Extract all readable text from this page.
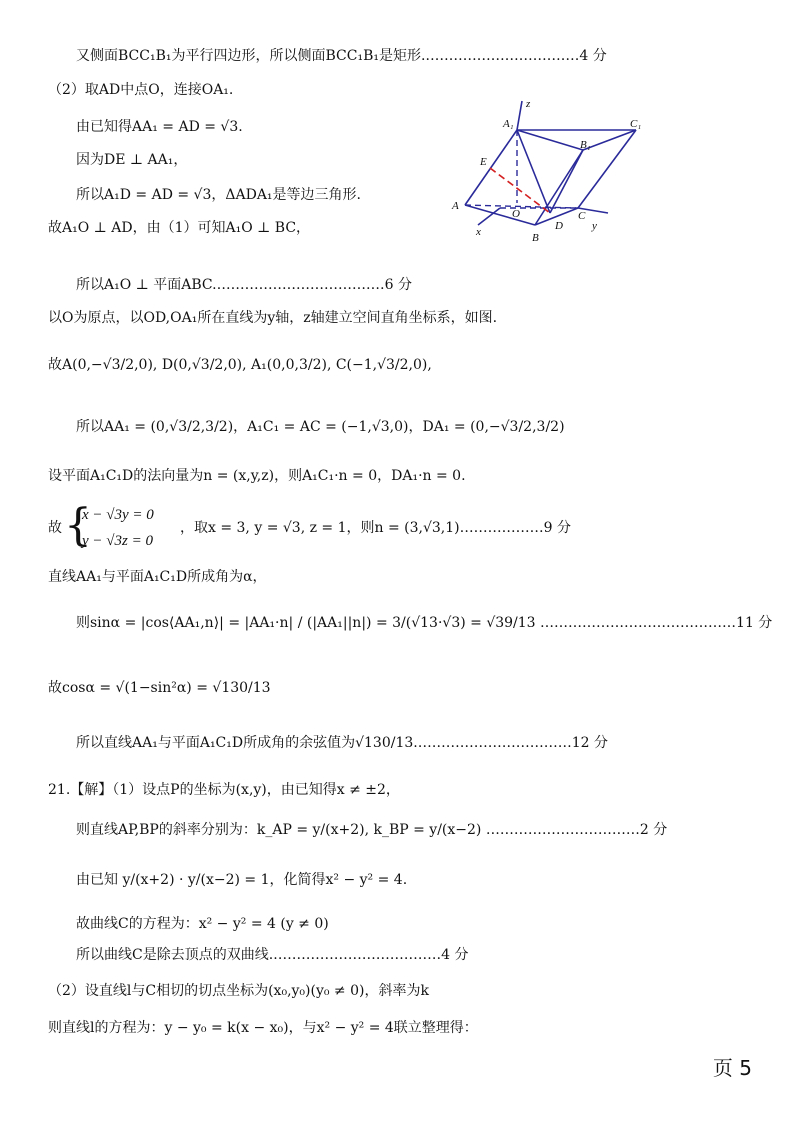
z
A₁	C₁
B₁
E
A
O	C
D
B
x	y
又侧面BCC₁B₁为平行四边形，所以侧面BCC₁B₁是矩形.……………………………4 分
（2）取AD中点O，连接OA₁.
由已知得AA₁ = AD = √3.
因为DE ⊥ AA₁，
所以A₁D = AD = √3，ΔADA₁是等边三角形.
故A₁O ⊥ AD，由（1）可知A₁O ⊥ BC，
所以A₁O ⊥ 平面ABC.………………………………6 分
以O为原点，以OD,OA₁所在直线为y轴，z轴建立空间直角坐标系，如图.
故A(0,−√3/2,0), D(0,√3/2,0), A₁(0,0,3/2), C(−1,√3/2,0),
所以AA₁ = (0,√3/2,3/2)，A₁C₁ = AC = (−1,√3,0)，DA₁ = (0,−√3/2,3/2)
设平面A₁C₁D的法向量为n = (x,y,z)，则A₁C₁·n = 0，DA₁·n = 0.
故 {
x − √3y = 0
y − √3z = 0
，取x = 3, y = √3, z = 1，则n = (3,√3,1)………………9 分
直线AA₁与平面A₁C₁D所成角为α，
则sinα = |cos⟨AA₁,n⟩| = |AA₁·n| / (|AA₁||n|) = 3/(√13·√3) = √39/13 ……………………………………11 分
故cosα = √(1−sin²α) = √130/13
所以直线AA₁与平面A₁C₁D所成角的余弦值为√130/13.……………………………12 分
21.【解】（1）设点P的坐标为(x,y)，由已知得x ≠ ±2，
则直线AP,BP的斜率分别为：k_AP = y/(x+2), k_BP = y/(x−2) ……………………………2 分
由已知 y/(x+2) · y/(x−2) = 1，化简得x² − y² = 4.
故曲线C的方程为：x² − y² = 4 (y ≠ 0)
所以曲线C是除去顶点的双曲线.………………………………4 分
（2）设直线l与C相切的切点坐标为(x₀,y₀)(y₀ ≠ 0)，斜率为k
则直线l的方程为：y − y₀ = k(x − x₀)，与x² − y² = 4联立整理得：
页 5
